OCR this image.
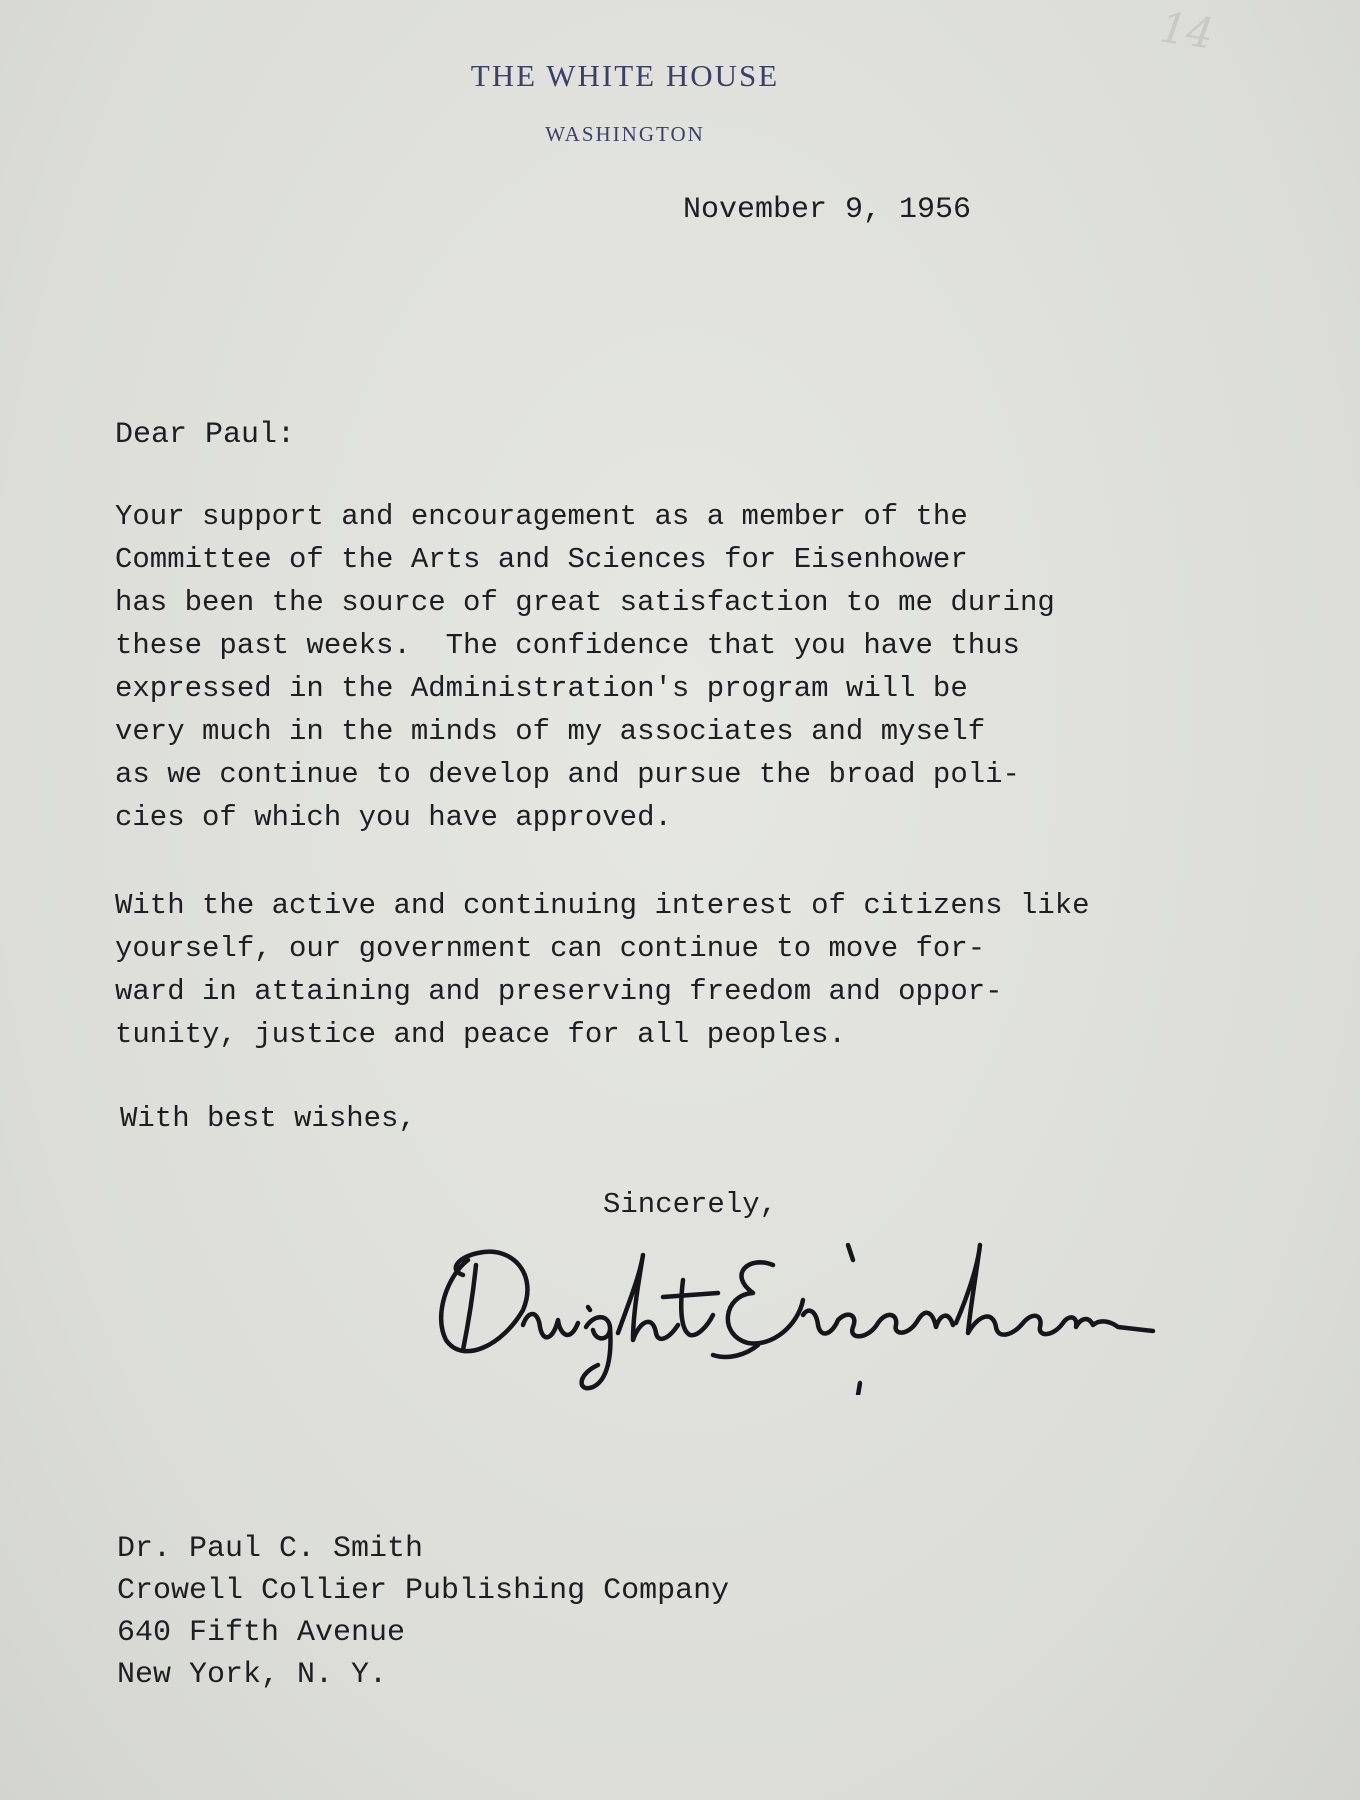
14
THE WHITE HOUSE
WASHINGTON
November 9, 1956
Dear Paul:
Your support and encouragement as a member of the
Committee of the Arts and Sciences for Eisenhower
has been the source of great satisfaction to me during
these past weeks.  The confidence that you have thus
expressed in the Administration's program will be
very much in the minds of my associates and myself
as we continue to develop and pursue the broad poli-
cies of which you have approved.
With the active and continuing interest of citizens like
yourself, our government can continue to move for-
ward in attaining and preserving freedom and oppor-
tunity, justice and peace for all peoples.
With best wishes,
Sincerely,
Dr. Paul C. Smith
Crowell Collier Publishing Company
640 Fifth Avenue
New York, N. Y.
